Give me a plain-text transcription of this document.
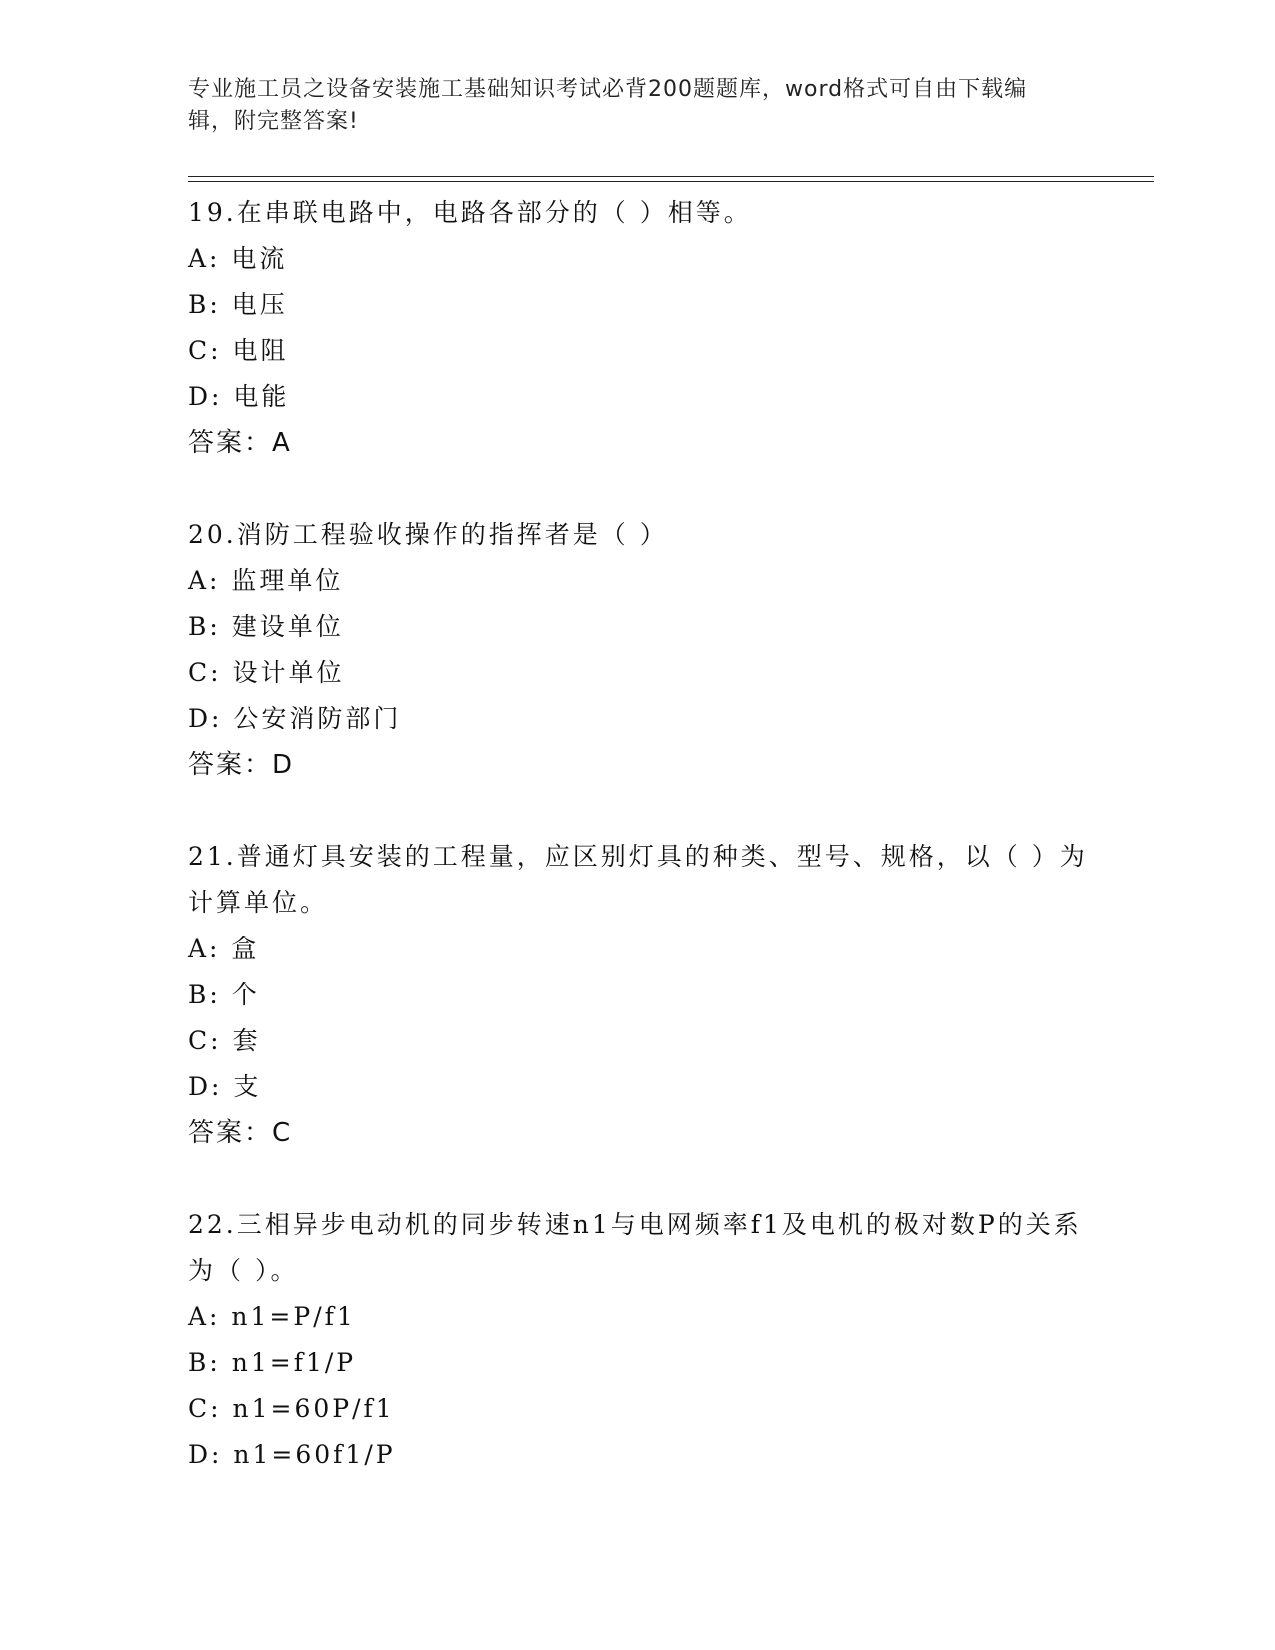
专业施工员之设备安装施工基础知识考试必背200题题库，word格式可自由下载编辑，附完整答案!
19.在串联电路中，电路各部分的（ ）相等。
A: 电流
B: 电压
C: 电阻
D: 电能
答案：A
20.消防工程验收操作的指挥者是（ ）
A: 监理单位
B: 建设单位
C: 设计单位
D: 公安消防部门
答案：D
21.普通灯具安装的工程量，应区别灯具的种类、型号、规格，以（ ）为计算单位。
A: 盒
B: 个
C: 套
D: 支
答案：C
22.三相异步电动机的同步转速n1与电网频率f1及电机的极对数P的关系为（ ）。
A: n1=P/f1
B: n1=f1/P
C: n1=60P/f1
D: n1=60f1/P
